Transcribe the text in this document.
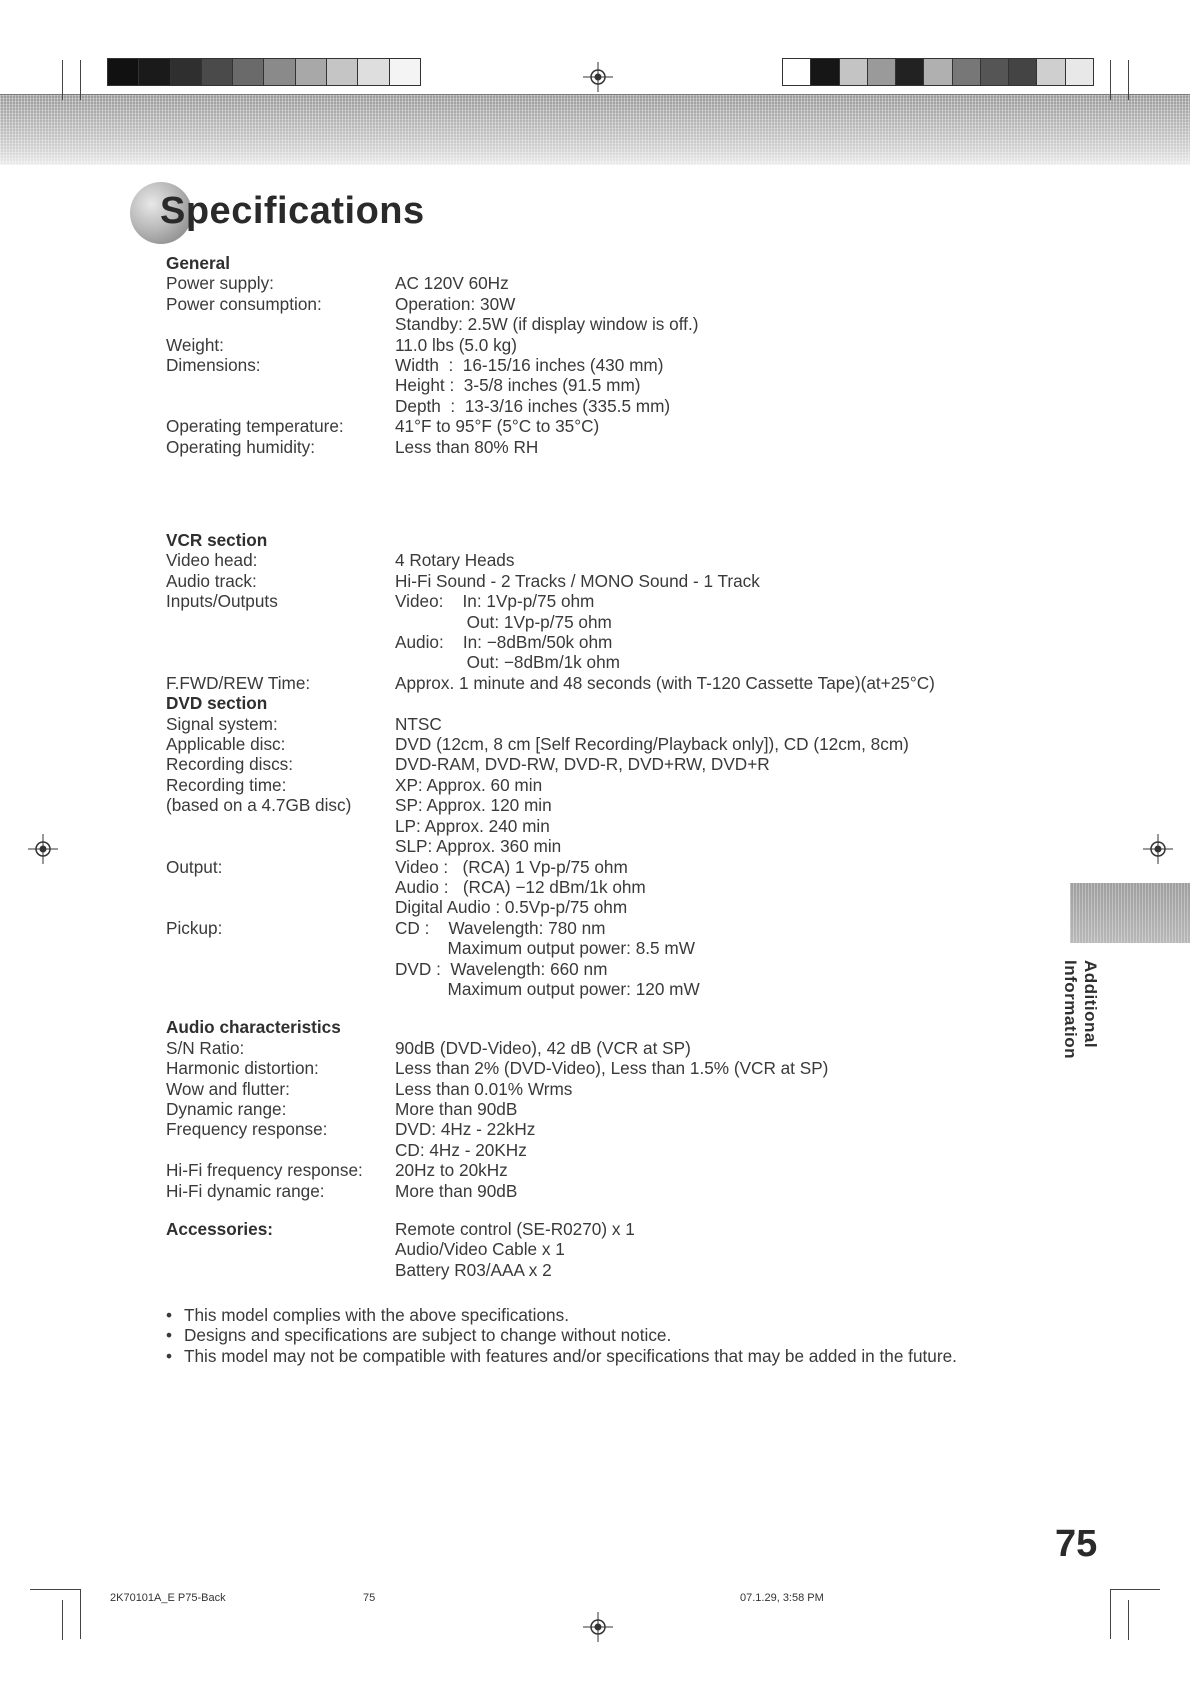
Specifications
General
Power supply:	AC 120V 60Hz
Power consumption:	Operation: 30W
Standby: 2.5W (if display window is off.)
Weight:	11.0 lbs (5.0 kg)
Dimensions:	Width  :  16-15/16 inches (430 mm)
Height :  3-5/8 inches (91.5 mm)
Depth  :  13-3/16 inches (335.5 mm)
Operating temperature:	41°F to 95°F (5°C to 35°C)
Operating humidity:	Less than 80% RH
VCR section
Video head:	4 Rotary Heads
Audio track:	Hi-Fi Sound - 2 Tracks / MONO Sound - 1 Track
Inputs/Outputs	Video:    In: 1Vp-p/75 ohm
Out: 1Vp-p/75 ohm
Audio:    In: −8dBm/50k ohm
Out: −8dBm/1k ohm
F.FWD/REW Time:	Approx. 1 minute and 48 seconds (with T-120 Cassette Tape)(at+25°C)
DVD section
Signal system:	NTSC
Applicable disc:	DVD (12cm, 8 cm [Self Recording/Playback only]), CD (12cm, 8cm)
Recording discs:	DVD-RAM, DVD-RW, DVD-R, DVD+RW, DVD+R
Recording time:	XP: Approx. 60 min
(based on a 4.7GB disc)	SP: Approx. 120 min
LP: Approx. 240 min
SLP: Approx. 360 min
Output:	Video :   (RCA) 1 Vp-p/75 ohm
Audio :   (RCA) −12 dBm/1k ohm
Digital Audio : 0.5Vp-p/75 ohm
Pickup:	CD :    Wavelength: 780 nm
Maximum output power: 8.5 mW
DVD :  Wavelength: 660 nm
Maximum output power: 120 mW
Audio characteristics
S/N Ratio:	90dB (DVD-Video), 42 dB (VCR at SP)
Harmonic distortion:	Less than 2% (DVD-Video), Less than 1.5% (VCR at SP)
Wow and flutter:	Less than 0.01% Wrms
Dynamic range:	More than 90dB
Frequency response:	DVD: 4Hz - 22kHz
CD: 4Hz - 20KHz
Hi-Fi frequency response:	20Hz to 20kHz
Hi-Fi dynamic range:	More than 90dB
Accessories:	Remote control (SE-R0270) x 1
Audio/Video Cable x 1
Battery R03/AAA x 2
• This model complies with the above specifications.
• Designs and specifications are subject to change without notice.
• This model may not be compatible with features and/or specifications that may be added in the future.
Additional Information
75
2K70101A_E P75-Back	75	07.1.29, 3:58 PM
